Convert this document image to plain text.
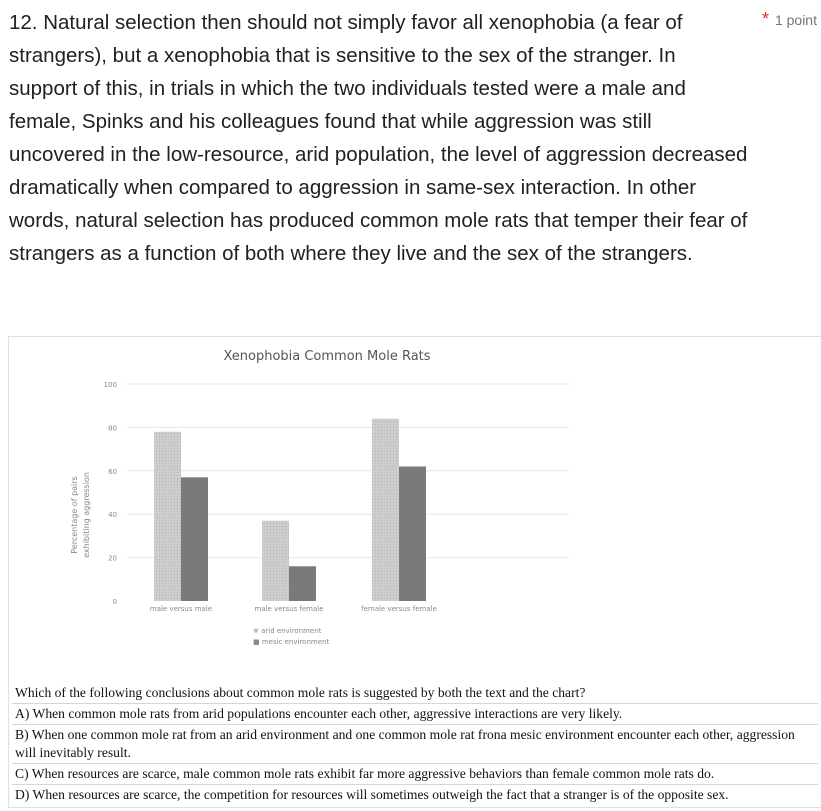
12. Natural selection then should not simply favor all xenophobia (a fear of strangers), but a xenophobia that is sensitive to the sex of the stranger. In support of this, in trials in which the two individuals tested were a male and female, Spinks and his colleagues found that while aggression was still uncovered in the low-resource, arid population, the level of aggression decreased dramatically when compared to aggression in same-sex interaction. In other words, natural selection has produced common mole rats that temper their fear of strangers as a function of both where they live and the sex of the strangers.
* 1 point
Xenophobia Common Mole Rats
0
20
40
60
80
100
male versus male	male versus female	female versus female
Percentage of pairs exhibiting aggression
※ arid environment
■ mesic environment
Which of the following conclusions about common mole rats is suggested by both the text and the chart?
A) When common mole rats from arid populations encounter each other, aggressive interactions are very likely.
B) When one common mole rat from an arid environment and one common mole rat frona mesic environment encounter each other, aggression will inevitably result.
C) When resources are scarce, male common mole rats exhibit far more aggressive behaviors than female common mole rats do.
D) When resources are scarce, the competition for resources will sometimes outweigh the fact that a stranger is of the opposite sex.
